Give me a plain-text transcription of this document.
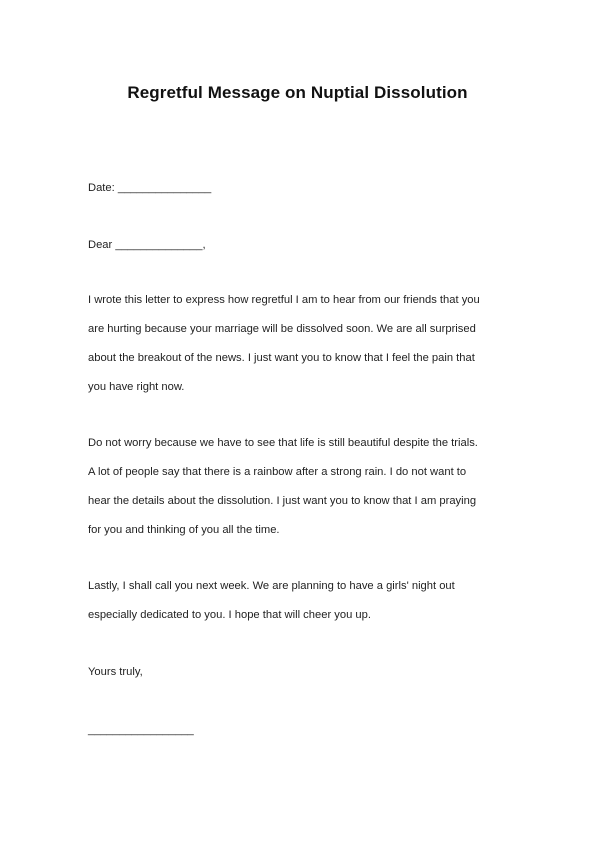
Regretful Message on Nuptial Dissolution
Date: _______________
Dear ______________,
I wrote this letter to express how regretful I am to hear from our friends that you
are hurting because your marriage will be dissolved soon. We are all surprised
about the breakout of the news. I just want you to know that I feel the pain that
you have right now.
Do not worry because we have to see that life is still beautiful despite the trials.
A lot of people say that there is a rainbow after a strong rain. I do not want to
hear the details about the dissolution. I just want you to know that I am praying
for you and thinking of you all the time.
Lastly, I shall call you next week. We are planning to have a girls' night out
especially dedicated to you. I hope that will cheer you up.
Yours truly,
_________________
